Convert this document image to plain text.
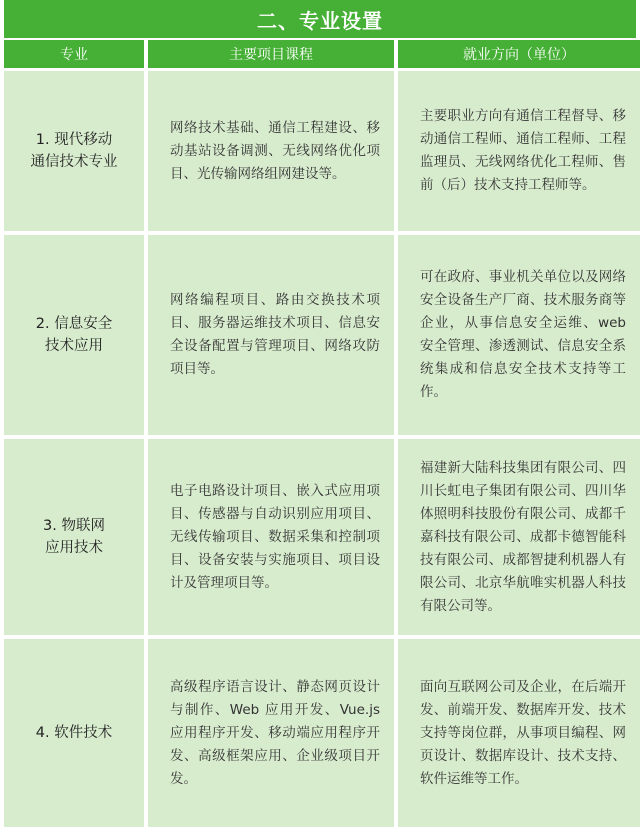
二、专业设置
专业	主要项目课程	就业方向（单位）
1. 现代移动
通信技术专业
网络技术基础、通信工程建设、移动基站设备调测、无线网络优化项目、光传输网络组网建设等。
主要职业方向有通信工程督导、移动通信工程师、通信工程师、工程监理员、无线网络优化工程师、售前（后）技术支持工程师等。
2. 信息安全
技术应用
网络编程项目、路由交换技术项目、服务器运维技术项目、信息安全设备配置与管理项目、网络攻防项目等。
可在政府、事业机关单位以及网络安全设备生产厂商、技术服务商等企业，从事信息安全运维、web 安全管理、渗透测试、信息安全系统集成和信息安全技术支持等工作。
3. 物联网
应用技术
电子电路设计项目、嵌入式应用项目、传感器与自动识别应用项目、无线传输项目、数据采集和控制项目、设备安装与实施项目、项目设计及管理项目等。
福建新大陆科技集团有限公司、四川长虹电子集团有限公司、四川华体照明科技股份有限公司、成都千嘉科技有限公司、成都卡德智能科技有限公司、成都智捷利机器人有限公司、北京华航唯实机器人科技有限公司等。
4. 软件技术
高级程序语言设计、静态网页设计与制作、Web 应用开发、Vue.js 应用程序开发、移动端应用程序开发、高级框架应用、企业级项目开发。
面向互联网公司及企业，在后端开发、前端开发、数据库开发、技术支持等岗位群，从事项目编程、网页设计、数据库设计、技术支持、软件运维等工作。
